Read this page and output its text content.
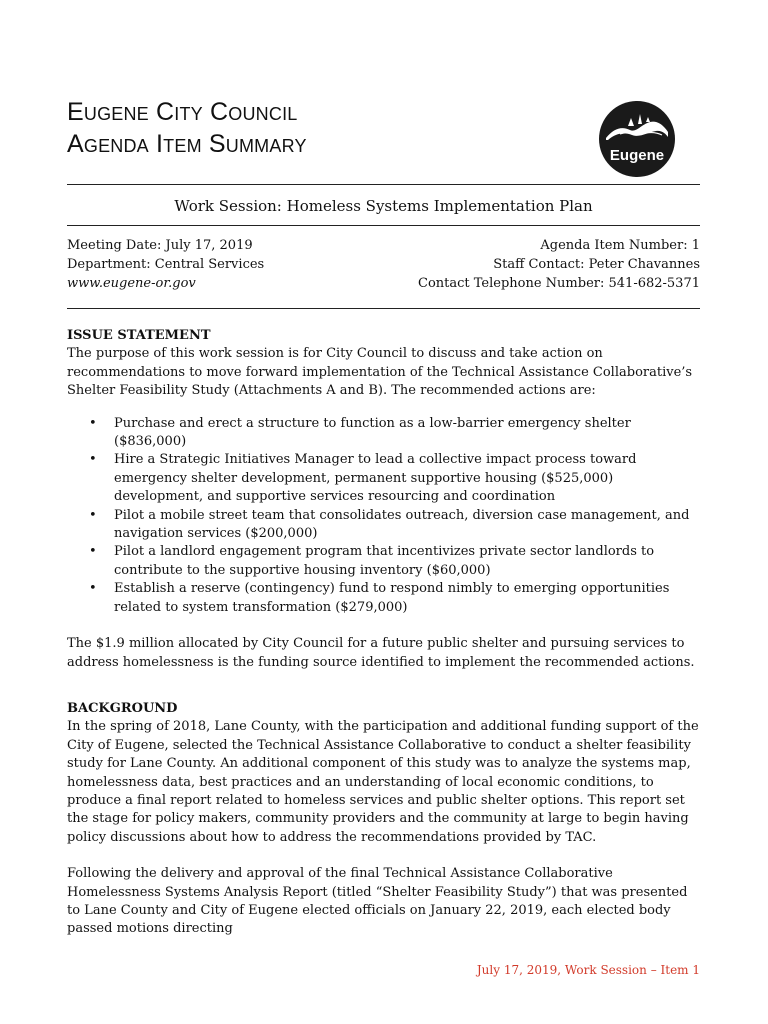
Eugene City Council
Agenda Item Summary	Eugene
Work Session: Homeless Systems Implementation Plan
Meeting Date: July 17, 2019
Department: Central Services
www.eugene-or.gov
Agenda Item Number: 1
Staff Contact: Peter Chavannes
Contact Telephone Number: 541-682-5371
ISSUE STATEMENT

The purpose of this work session is for City Council to discuss and take action on recommendations to move forward implementation of the Technical Assistance Collaborative’s Shelter Feasibility Study (Attachments A and B). The recommended actions are:

• Purchase and erect a structure to function as a low-barrier emergency shelter ($836,000)
• Hire a Strategic Initiatives Manager to lead a collective impact process toward emergency shelter development, permanent supportive housing ($525,000) development, and supportive services resourcing and coordination
• Pilot a mobile street team that consolidates outreach, diversion case management, and navigation services ($200,000)
• Pilot a landlord engagement program that incentivizes private sector landlords to contribute to the supportive housing inventory ($60,000)
• Establish a reserve (contingency) fund to respond nimbly to emerging opportunities related to system transformation ($279,000)

The $1.9 million allocated by City Council for a future public shelter and pursuing services to address homelessness is the funding source identified to implement the recommended actions.

BACKGROUND

In the spring of 2018, Lane County, with the participation and additional funding support of the City of Eugene, selected the Technical Assistance Collaborative to conduct a shelter feasibility study for Lane County. An additional component of this study was to analyze the systems map, homelessness data, best practices and an understanding of local economic conditions, to produce a final report related to homeless services and public shelter options. This report set the stage for policy makers, community providers and the community at large to begin having policy discussions about how to address the recommendations provided by TAC.

Following the delivery and approval of the final Technical Assistance Collaborative Homelessness Systems Analysis Report (titled “Shelter Feasibility Study”) that was presented to Lane County and City of Eugene elected officials on January 22, 2019, each elected body passed motions directing

July 17, 2019, Work Session – Item 1
